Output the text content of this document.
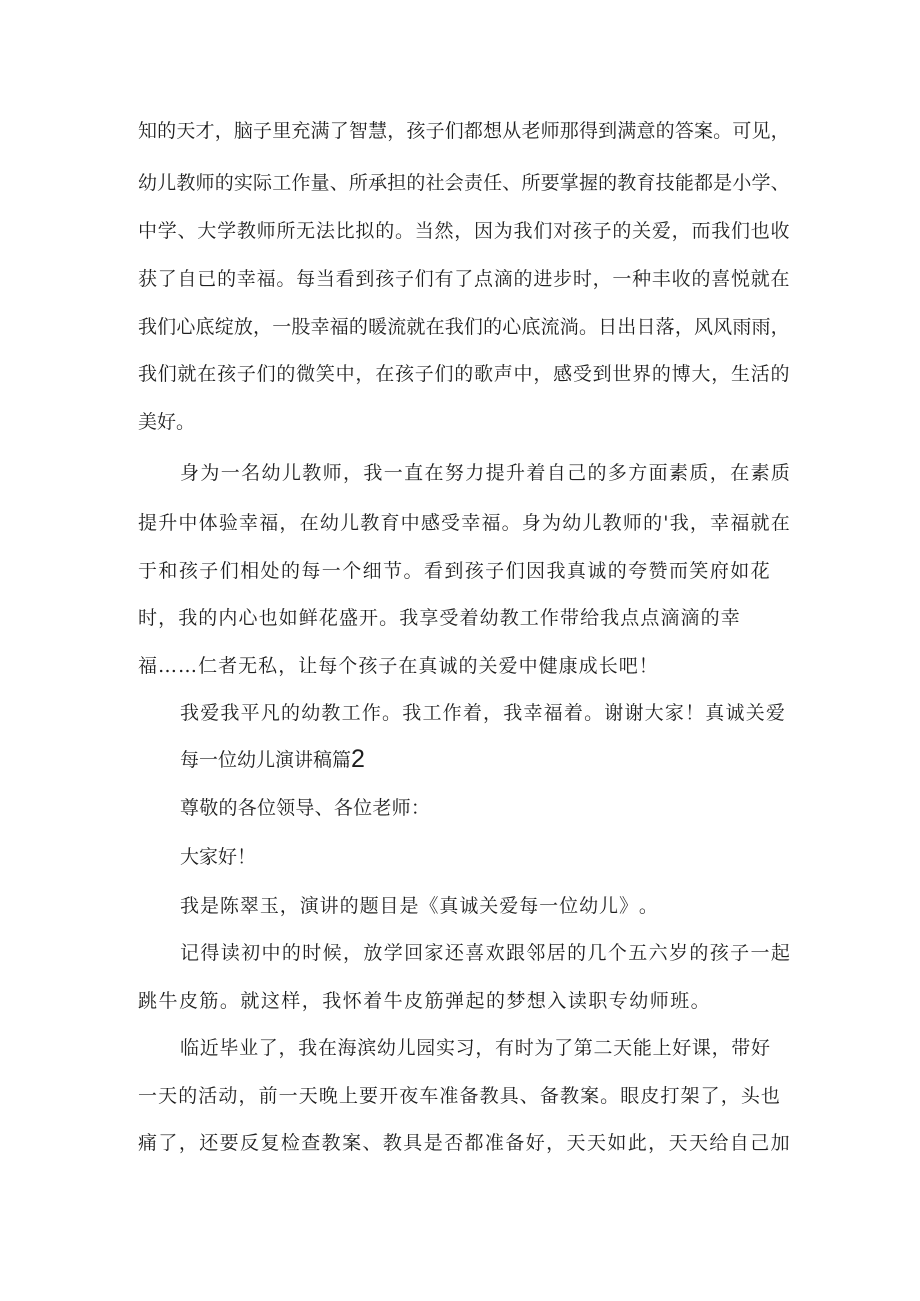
知 的 天 才 ， 脑 子 里 充 满 了 智 慧 ， 孩 子 们 都 想 从 老 师 那 得 到 满 意 的 答 案 。 可 见 ，

幼 儿 教 师 的 实 际 工 作 量 、 所 承 担 的 社 会 责 任 、 所 要 掌 握 的 教 育 技 能 都 是 小 学 、

中 学 、 大 学 教 师 所 无 法 比 拟 的 。 当 然 ， 因 为 我 们 对 孩 子 的 关 爱 ， 而 我 们 也 收

获 了 自 已 的 幸 福 。 每 当 看 到 孩 子 们 有 了 点 滴 的 进 步 时 ， 一 种 丰 收 的 喜 悦 就 在

我 们 心 底 绽 放 ， 一 股 幸 福 的 暖 流 就 在 我 们 的 心 底 流 淌 。 日 出 日 落 ， 风 风 雨 雨 ，

我 们 就 在 孩 子 们 的 微 笑 中 ， 在 孩 子 们 的 歌 声 中 ， 感 受 到 世 界 的 博 大 ， 生 活 的

美好。

身 为 一 名 幼 儿 教 师 ， 我 一 直 在 努 力 提 升 着 自 己 的 多 方 面 素 质 ， 在 素 质

提 升 中 体 验 幸 福 ， 在 幼 儿 教 育 中 感 受 幸 福 。 身 为 幼 儿 教 师 的 ' 我 ， 幸 福 就 在

于 和 孩 子 们 相 处 的 每 一 个 细 节 。 看 到 孩 子 们 因 我 真 诚 的 夸 赞 而 笑 府 如 花

时 ， 我 的 内 心 也 如 鲜 花 盛 开 。 我 享 受 着 幼 教 工 作 带 给 我 点 点 滴 滴 的 幸

福 … … 仁 者 无 私 ， 让 每 个 孩 子 在 真 诚 的 关 爱 中 健 康 成 长 吧 ！

我 爱 我 平 凡 的 幼 教 工 作 。 我 工 作 着 ， 我 幸 福 着 。 谢 谢 大 家 ！ 真 诚 关 爱

每一位幼儿演讲稿篇2

尊 敬 的 各 位 领 导 、 各 位 老 师 ：

大家好！

我 是 陈 翠 玉 ， 演 讲 的 题 目 是 《 真 诚 关 爱 每 一 位 幼 儿 》 。

记 得 读 初 中 的 时 候 ， 放 学 回 家 还 喜 欢 跟 邻 居 的 几 个 五 六 岁 的 孩 子 一 起

跳 牛 皮 筋 。 就 这 样 ， 我 怀 着 牛 皮 筋 弹 起 的 梦 想 入 读 职 专 幼 师 班 。

临 近 毕 业 了 ， 我 在 海 滨 幼 儿 园 实 习 ， 有 时 为 了 第 二 天 能 上 好 课 ， 带 好

一 天 的 活 动 ， 前 一 天 晚 上 要 开 夜 车 准 备 教 具 、 备 教 案 。 眼 皮 打 架 了 ， 头 也

痛 了 ， 还 要 反 复 检 查 教 案 、 教 具 是 否 都 准 备 好 ， 天 天 如 此 ， 天 天 给 自 己 加
